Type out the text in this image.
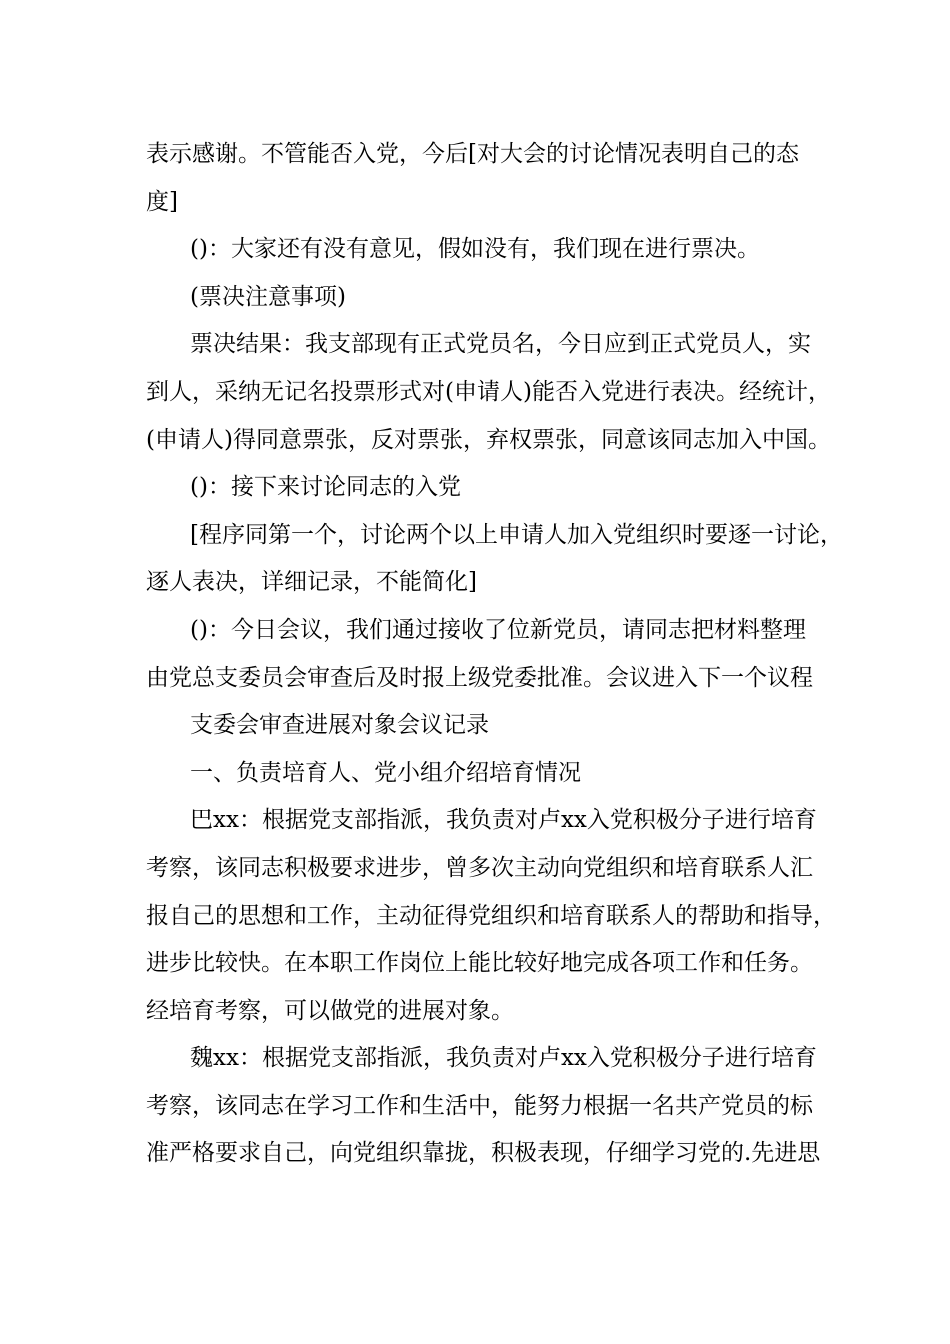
表示感谢。不管能否入党，今后[对大会的讨论情况表明自己的态
度]
()：大家还有没有意见，假如没有，我们现在进行票决。
(票决注意事项)
票决结果：我支部现有正式党员名，今日应到正式党员人，实
到人，采纳无记名投票形式对(申请人)能否入党进行表决。经统计，
(申请人)得同意票张，反对票张，弃权票张，同意该同志加入中国。
()：接下来讨论同志的入党
[程序同第一个，讨论两个以上申请人加入党组织时要逐一讨论，
逐人表决，详细记录，不能简化]
()：今日会议，我们通过接收了位新党员，请同志把材料整理
由党总支委员会审查后及时报上级党委批准。会议进入下一个议程
支委会审查进展对象会议记录
一、负责培育人、党小组介绍培育情况
巴xx：根据党支部指派，我负责对卢xx入党积极分子进行培育
考察，该同志积极要求进步，曾多次主动向党组织和培育联系人汇
报自己的思想和工作，主动征得党组织和培育联系人的帮助和指导，
进步比较快。在本职工作岗位上能比较好地完成各项工作和任务。
经培育考察，可以做党的进展对象。
魏xx：根据党支部指派，我负责对卢xx入党积极分子进行培育
考察，该同志在学习工作和生活中，能努力根据一名共产党员的标
准严格要求自己，向党组织靠拢，积极表现，仔细学习党的.先进思
